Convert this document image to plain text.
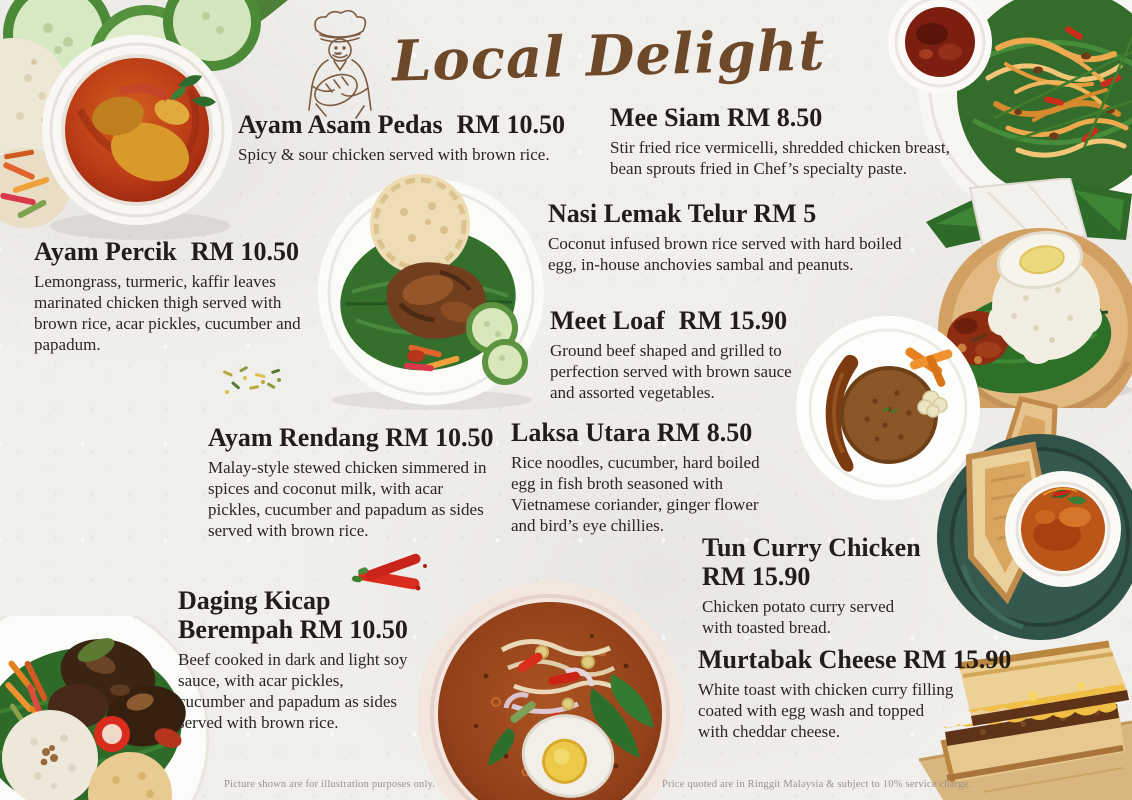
Local Delight
Ayam Asam Pedas RM 10.50

Spicy & sour chicken served with brown rice.

Mee Siam RM 8.50

Stir fried rice vermicelli, shredded chicken breast, bean sprouts fried in Chef’s specialty paste.

Nasi Lemak Telur RM 5

Coconut infused brown rice served with hard boiled egg, in-house anchovies sambal and peanuts.

Ayam Percik RM 10.50

Lemongrass, turmeric, kaffir leaves marinated chicken thigh served with brown rice, acar pickles, cucumber and papadum.

Meet Loaf RM 15.90

Ground beef shaped and grilled to perfection served with brown sauce and assorted vegetables.

Ayam Rendang RM 10.50

Malay-style stewed chicken simmered in spices and coconut milk, with acar pickles, cucumber and papadum as sides served with brown rice.

Laksa Utara RM 8.50

Rice noodles, cucumber, hard boiled egg in fish broth seasoned with Vietnamese coriander, ginger flower and bird’s eye chillies.

Daging Kicap Berempah RM 10.50

Beef cooked in dark and light soy sauce, with acar pickles, cucumber and papadum as sides served with brown rice.

Tun Curry Chicken RM 15.90

Chicken potato curry served with toasted bread.

Murtabak Cheese RM 15.90

White toast with chicken curry filling coated with egg wash and topped with cheddar cheese.

Picture shown are for illustration purposes only.	Price quoted are in Ringgit Malaysia & subject to 10% service charge.
